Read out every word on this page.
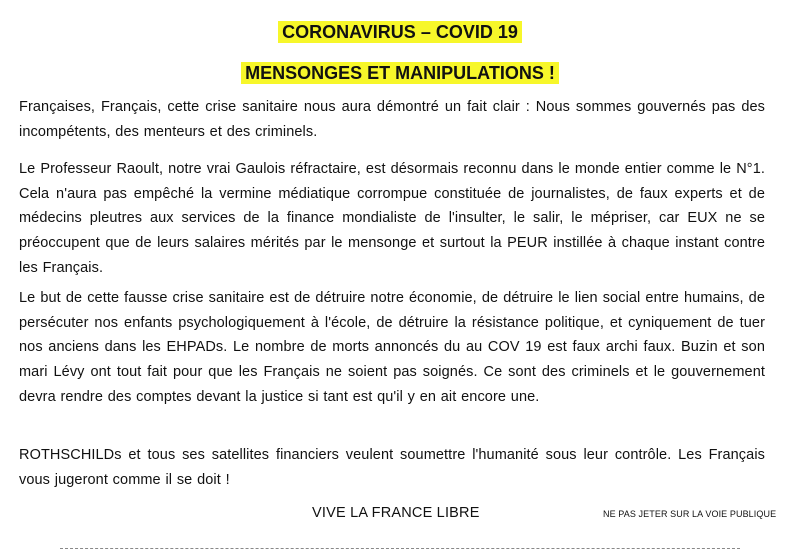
CORONAVIRUS – COVID 19
MENSONGES ET MANIPULATIONS !
Françaises, Français, cette crise sanitaire nous aura démontré un fait clair : Nous sommes gouvernés pas des incompétents, des menteurs et des criminels.
Le Professeur Raoult, notre vrai Gaulois réfractaire, est désormais reconnu dans le monde entier comme le N°1. Cela n'aura pas empêché la vermine médiatique corrompue constituée de journalistes, de faux experts et de médecins pleutres aux services de la finance mondialiste de l'insulter, le salir, le mépriser, car EUX ne se préoccupent que de leurs salaires mérités par le mensonge et surtout la PEUR instillée à chaque instant contre les Français.
Le but de cette fausse crise sanitaire est de détruire notre économie, de détruire le lien social entre humains, de persécuter nos enfants psychologiquement à l'école, de détruire la résistance politique, et cyniquement de tuer nos anciens dans les EHPADs. Le nombre de morts annoncés du au COV 19 est faux archi faux. Buzin et son mari Lévy ont tout fait pour que les Français ne soient pas soignés. Ce sont des criminels et le gouvernement devra rendre des comptes devant la justice si tant est qu'il y en ait encore une.
ROTHSCHILDs et tous ses satellites financiers veulent soumettre l'humanité sous leur contrôle. Les Français vous jugeront comme il se doit !
VIVE LA FRANCE LIBRE	NE PAS JETER SUR LA VOIE PUBLIQUE
